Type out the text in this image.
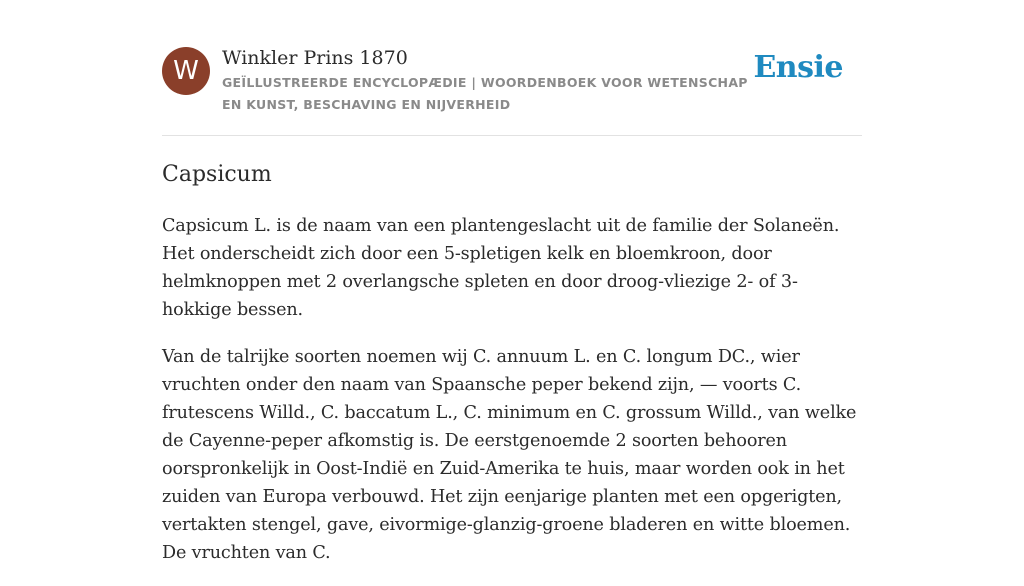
W	Winkler Prins 1870

GEÏLLUSTREERDE ENCYCLOPÆDIE | WOORDENBOEK VOOR WETENSCHAP EN KUNST, BESCHAVING EN NIJVERHEID

Ensie
Capsicum

Capsicum L. is de naam van een plantengeslacht uit de familie der Solaneën. Het onderscheidt zich door een 5-spletigen kelk en bloemkroon, door helmknoppen met 2 overlangsche spleten en door droog-vliezige 2- of 3-hokkige bessen.

Van de talrijke soorten noemen wij C. annuum L. en C. longum DC., wier vruchten onder den naam van Spaansche peper bekend zijn, — voorts C. frutescens Willd., C. baccatum L., C. minimum en C. grossum Willd., van welke de Cayenne-peper afkomstig is. De eerstgenoemde 2 soorten behooren oorspronkelijk in Oost-Indië en Zuid-Amerika te huis, maar worden ook in het zuiden van Europa verbouwd. Het zijn eenjarige planten met een opgerigten, vertakten stengel, gave, eivormige-glanzig-groene bladeren en witte bloemen. De vruchten van C.
